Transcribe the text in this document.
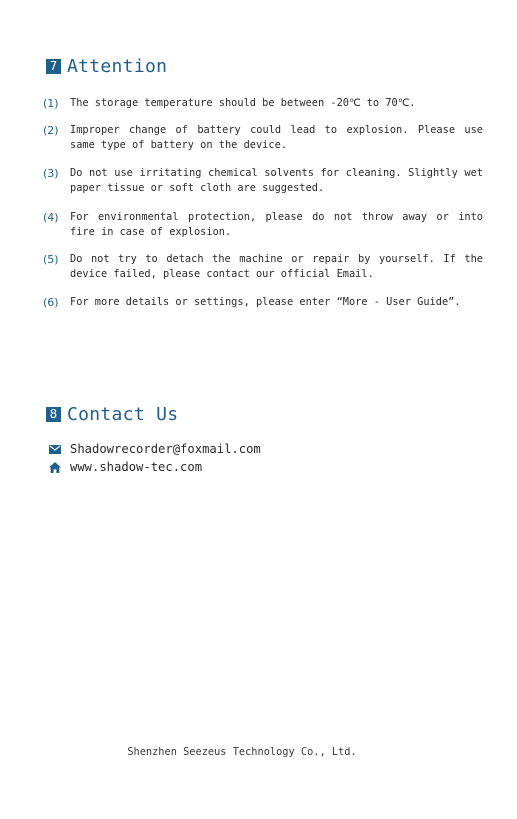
7 Attention
(1)	The storage temperature should be between -20℃ to 70℃.
(2)	Improper change of battery could lead to explosion. Please use same type of battery on the device.
(3)	Do not use irritating chemical solvents for cleaning. Slightly wet paper tissue or soft cloth are suggested.
(4)	For environmental protection, please do not throw away or into fire in case of explosion.
(5)	Do not try to detach the machine or repair by yourself. If the device failed, please contact our official Email.
(6)	For more details or settings, please enter “More - User Guide”.
8 Contact Us
Shadowrecorder@foxmail.com
www.shadow-tec.com
Shenzhen Seezeus Technology Co., Ltd.
